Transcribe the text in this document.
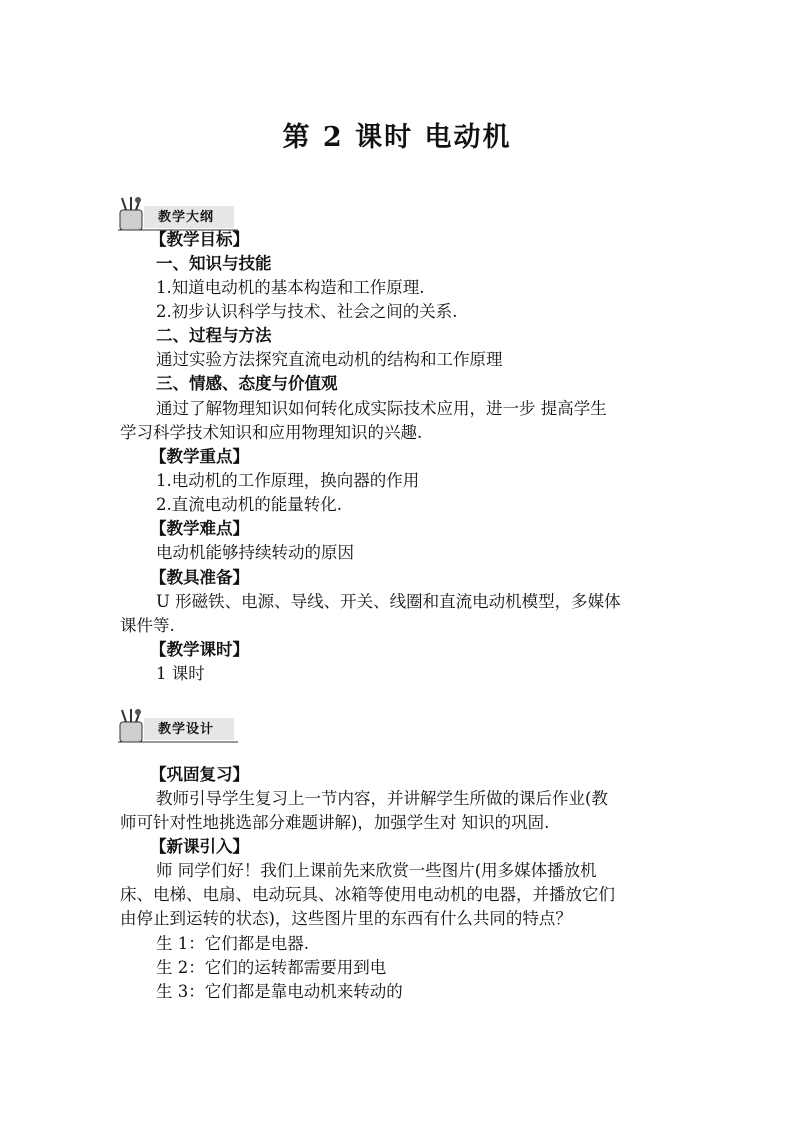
第 2 课时 电动机
教学大纲
【教学目标】
一、知识与技能
1.知道电动机的基本构造和工作原理.
2.初步认识科学与技术、社会之间的关系.
二、过程与方法
通过实验方法探究直流电动机的结构和工作原理
三、情感、态度与价值观
通过了解物理知识如何转化成实际技术应用，进一步 提高学生
学习科学技术知识和应用物理知识的兴趣.
【教学重点】
1.电动机的工作原理，换向器的作用
2.直流电动机的能量转化.
【教学难点】
电动机能够持续转动的原因
【教具准备】
U 形磁铁、电源、导线、开关、线圈和直流电动机模型，多媒体
课件等.
【教学课时】
1 课时
教学设计
【巩固复习】
教师引导学生复习上一节内容，并讲解学生所做的课后作业(教
师可针对性地挑选部分难题讲解)，加强学生对 知识的巩固.
【新课引入】
师 同学们好！我们上课前先来欣赏一些图片(用多媒体播放机
床、电梯、电扇、电动玩具、冰箱等使用电动机的电器，并播放它们
由停止到运转的状态)，这些图片里的东西有什么共同的特点？
生 1：它们都是电器.
生 2：它们的运转都需要用到电
生 3：它们都是靠电动机来转动的
